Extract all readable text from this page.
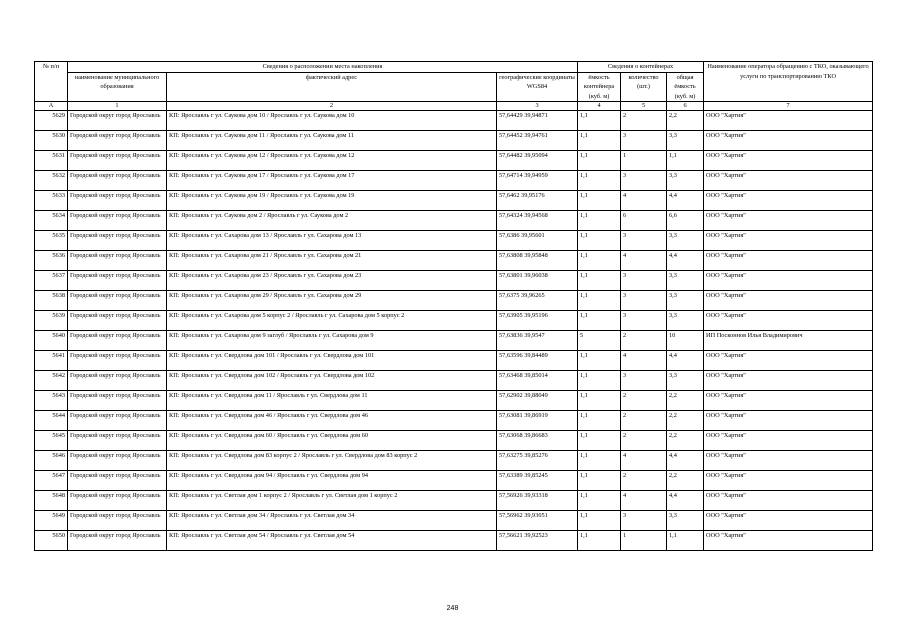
№ п/п	Сведения о расположении места накопления			Сведения о контейнерах			Наименование оператора обращению с ТКО, оказывающего услуги по транспортированию ТКО
	наименование муниципального образования	фактический адрес	географические координаты WGS84	ёмкость контейнера (куб. м)	количество (шт.)	общая ёмкость (куб. м)	
А	1	2	3	4	5	6	7
5629	Городской округ город Ярославль	КП: Ярославль г ул. Саукова дом 10 / Ярославль г ул. Саукова дом 10	57,64429 39,94871	1,1	2	2,2	ООО "Хартия"
5630	Городской округ город Ярославль	КП: Ярославль г ул. Саукова дом 11 / Ярославль г ул. Саукова дом 11	57,64452 39,94761	1,1	3	3,3	ООО "Хартия"
5631	Городской округ город Ярославль	КП: Ярославль г ул. Саукова дом 12 / Ярославль г ул. Саукова дом 12	57,64482 39,95094	1,1	1	1,1	ООО "Хартия"
5632	Городской округ город Ярославль	КП: Ярославль г ул. Саукова дом 17 / Ярославль г ул. Саукова дом 17	57,64714 39,94959	1,1	3	3,3	ООО "Хартия"
5633	Городской округ город Ярославль	КП: Ярославль г ул. Саукова дом 19 / Ярославль г ул. Саукова дом 19	57,6462 39,95176	1,1	4	4,4	ООО "Хартия"
5634	Городской округ город Ярославль	КП: Ярославль г ул. Саукова дом 2 / Ярославль г ул. Саукова дом 2	57,64324 39,94568	1,1	6	6,6	ООО "Хартия"
5635	Городской округ город Ярославль	КП: Ярославль г ул. Сахарова дом 13 / Ярославль г ул. Сахарова дом 13	57,6386 39,95601	1,1	3	3,3	ООО "Хартия"
5636	Городской округ город Ярославль	КП: Ярославль г ул. Сахарова дом 21 / Ярославль г ул. Сахарова дом 21	57,63808 39,95848	1,1	4	4,4	ООО "Хартия"
5637	Городской округ город Ярославль	КП: Ярославль г ул. Сахарова дом 23 / Ярославль г ул. Сахарова дом 23	57,63801 39,96038	1,1	3	3,3	ООО "Хартия"
5638	Городской округ город Ярославль	КП: Ярославль г ул. Сахарова дом 29 / Ярославль г ул. Сахарова дом 29	57,6375 39,96265	1,1	3	3,3	ООО "Хартия"
5639	Городской округ город Ярославль	КП: Ярославль г ул. Сахарова дом 5 корпус 2 / Ярославль г ул. Сахарова дом 5 корпус 2	57,63905 39,95196	1,1	3	3,3	ООО "Хартия"
5640	Городской округ город Ярославль	КП: Ярославль г ул. Сахарова дом 9 заглуб / Ярославль г ул. Сахарова дом 9	57,63836 39,9547	5	2	10	ИП Посконнов Илья Владимирович
5641	Городской округ город Ярославль	КП: Ярославль г ул. Свердлова дом 101 / Ярославль г ул. Свердлова дом 101	57,63596 39,84489	1,1	4	4,4	ООО "Хартия"
5642	Городской округ город Ярославль	КП: Ярославль г ул. Свердлова дом 102 / Ярославль г ул. Свердлова дом 102	57,63468 39,85014	1,1	3	3,3	ООО "Хартия"
5643	Городской округ город Ярославль	КП: Ярославль г ул. Свердлова дом 11 / Ярославль г ул. Свердлова дом 11	57,62902 39,88049	1,1	2	2,2	ООО "Хартия"
5644	Городской округ город Ярославль	КП: Ярославль г ул. Свердлова дом 46 / Ярославль г ул. Свердлова дом 46	57,63081 39,86919	1,1	2	2,2	ООО "Хартия"
5645	Городской округ город Ярославль	КП: Ярославль г ул. Свердлова дом 60 / Ярославль г ул. Свердлова дом 60	57,63068 39,86683	1,1	2	2,2	ООО "Хартия"
5646	Городской округ город Ярославль	КП: Ярославль г ул. Свердлова дом 83 корпус 2 / Ярославль г ул. Свердлова дом 83 корпус 2	57,63275 39,85276	1,1	4	4,4	ООО "Хартия"
5647	Городской округ город Ярославль	КП: Ярославль г ул. Свердлова дом 94 / Ярославль г ул. Свердлова дом 94	57,63389 39,85245	1,1	2	2,2	ООО "Хартия"
5648	Городской округ город Ярославль	КП: Ярославль г ул. Светлая дом 1 корпус 2 / Ярославль г ул. Светлая дом 1 корпус 2	57,56926 39,93318	1,1	4	4,4	ООО "Хартия"
5649	Городской округ город Ярославль	КП: Ярославль г ул. Светлая дом 34 / Ярославль г ул. Светлая дом 34	57,56962 39,93051	1,1	3	3,3	ООО "Хартия"
5650	Городской округ город Ярославль	КП: Ярославль г ул. Светлая дом 54 / Ярославль г ул. Светлая дом 54	57,56621 39,92523	1,1	1	1,1	ООО "Хартия"
248
